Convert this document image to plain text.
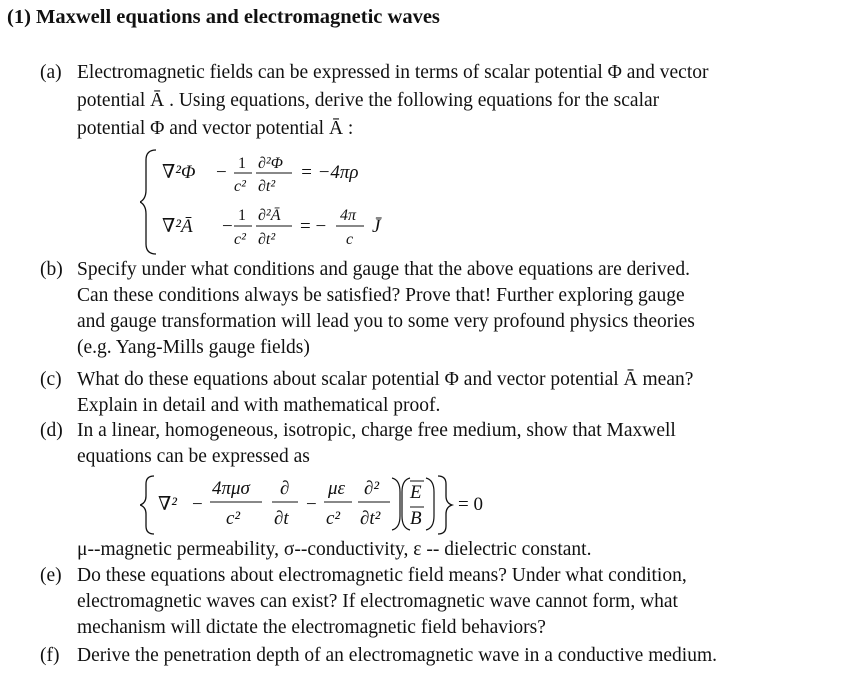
(1) Maxwell equations and electromagnetic waves
(a) Electromagnetic fields can be expressed in terms of scalar potential Φ and vector
potential Ā . Using equations, derive the following equations for the scalar
potential Φ and vector potential Ā :
∇²Φ − 1
c²
∂²Φ
∂t²
= −4πρ
∇²Ā −
1
c²
∂²Ā
∂t²
= −
4π
c
J̄
(b) Specify under what conditions and gauge that the above equations are derived.
Can these conditions always be satisfied? Prove that! Further exploring gauge
and gauge transformation will lead you to some very profound physics theories
(e.g. Yang-Mills gauge fields)
(c) What do these equations about scalar potential Φ and vector potential Ā mean?
Explain in detail and with mathematical proof.
(d) In a linear, homogeneous, isotropic, charge free medium, show that Maxwell
equations can be expressed as
∇² −
4πμσ
c²
∂
∂t
−
με
c²
∂²
∂t²
E
B
= 0
μ--magnetic permeability, σ--conductivity, ε -- dielectric constant.
(e) Do these equations about electromagnetic field means? Under what condition,
electromagnetic waves can exist? If electromagnetic wave cannot form, what
mechanism will dictate the electromagnetic field behaviors?
(f) Derive the penetration depth of an electromagnetic wave in a conductive medium.
